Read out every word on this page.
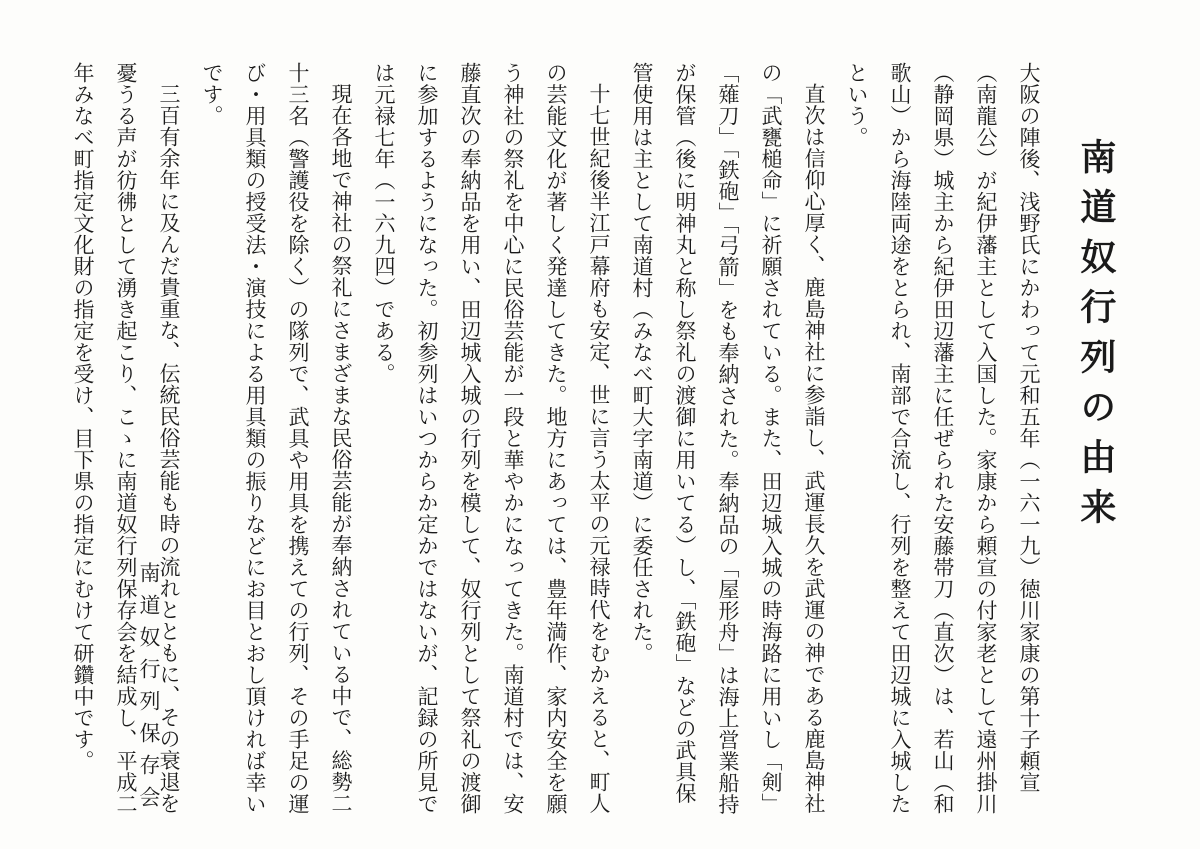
南道奴行列の由来

大阪の陣後、浅野氏にかわって元和五年（一六一九）徳川家康の第十子頼宣（南龍公）が紀伊藩主として入国した。家康から頼宣の付家老として遠州掛川（静岡県）城主から紀伊田辺藩主に任ぜられた安藤帯刀（直次）は、若山（和歌山）から海陸両途をとられ、南部で合流し、行列を整えて田辺城に入城したという。

直次は信仰心厚く、鹿島神社に参詣し、武運長久を武運の神である鹿島神社の「武甕槌命」に祈願されている。また、田辺城入城の時海路に用いし「剣」「薙刀」「鉄砲」「弓箭」をも奉納された。奉納品の「屋形舟」は海上営業船持が保管（後に明神丸と称し祭礼の渡御に用いてる）し、「鉄砲」などの武具保管使用は主として南道村（みなべ町大字南道）に委任された。

十七世紀後半江戸幕府も安定、世に言う太平の元禄時代をむかえると、町人の芸能文化が著しく発達してきた。地方にあっては、豊年満作、家内安全を願う神社の祭礼を中心に民俗芸能が一段と華やかになってきた。南道村では、安藤直次の奉納品を用い、田辺城入城の行列を模して、奴行列として祭礼の渡御に参加するようになった。初参列はいつからか定かではないが、記録の所見では元禄七年（一六九四）である。

現在各地で神社の祭礼にさまざまな民俗芸能が奉納されている中で、総勢二十三名（警護役を除く）の隊列で、武具や用具を携えての行列、その手足の運び・用具類の授受法・演技による用具類の振りなどにお目とおし頂ければ幸いです。

三百有余年に及んだ貴重な、伝統民俗芸能も時の流れとともに、その衰退を憂うる声が彷彿として湧き起こり、こゝに南道奴行列保存会を結成し、平成二年みなべ町指定文化財の指定を受け、目下県の指定にむけて研鑽中です。	南道奴行列保存会
